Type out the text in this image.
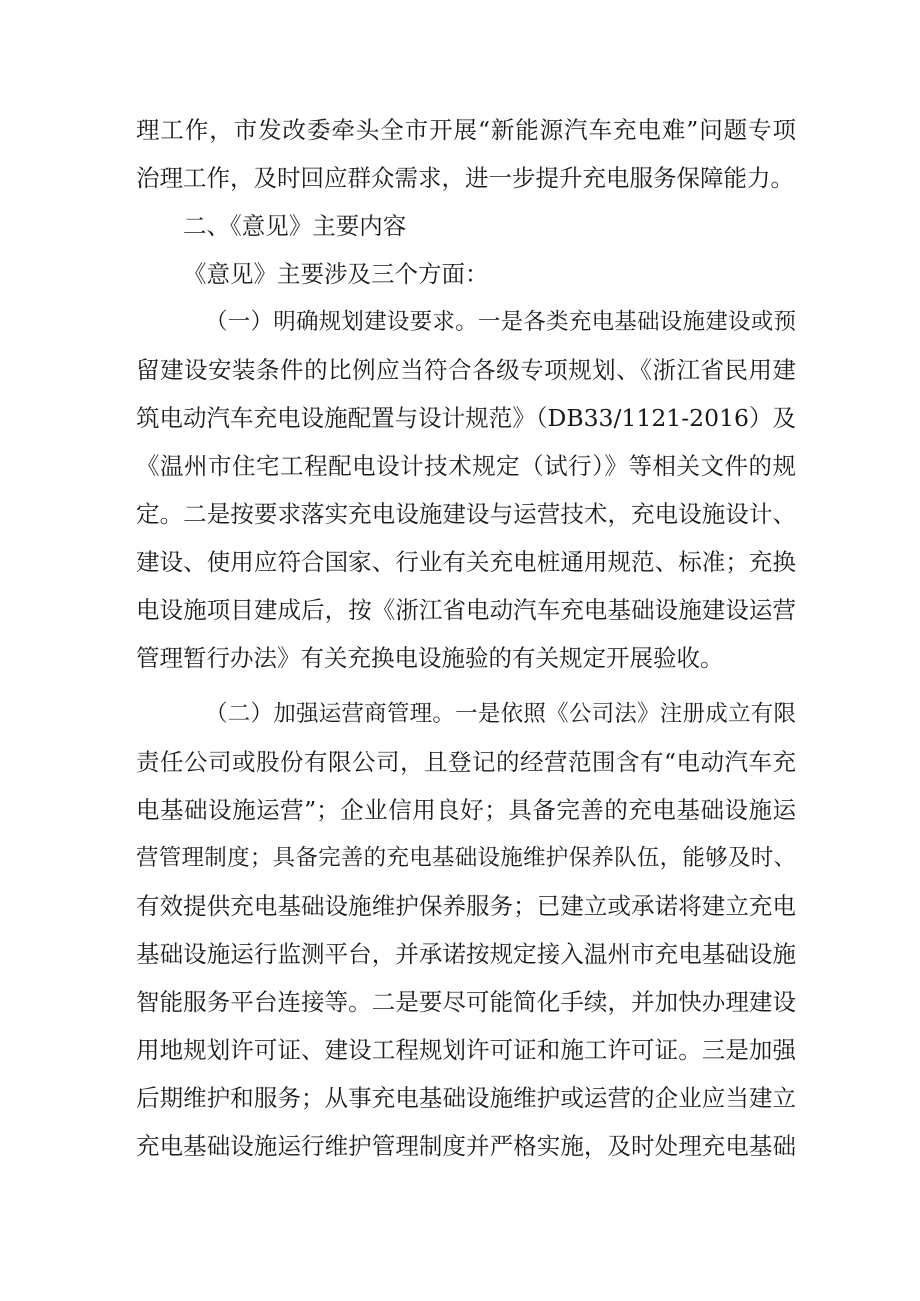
理工作，市发改委牵头全市开展“新能源汽车充电难”问题专项
治理工作，及时回应群众需求，进一步提升充电服务保障能力。
二、《意见》主要内容
《意见》主要涉及三个方面：
（一）明确规划建设要求。一是各类充电基础设施建设或预
留建设安装条件的比例应当符合各级专项规划、《浙江省民用建
筑电动汽车充电设施配置与设计规范》（DB33/1121-2016）及
《温州市住宅工程配电设计技术规定（试行）》等相关文件的规
定。二是按要求落实充电设施建设与运营技术，充电设施设计、
建设、使用应符合国家、行业有关充电桩通用规范、标准；充换
电设施项目建成后，按《浙江省电动汽车充电基础设施建设运营
管理暂行办法》有关充换电设施验的有关规定开展验收。
（二）加强运营商管理。一是依照《公司法》注册成立有限
责任公司或股份有限公司，且登记的经营范围含有“电动汽车充
电基础设施运营”；企业信用良好；具备完善的充电基础设施运
营管理制度；具备完善的充电基础设施维护保养队伍，能够及时、
有效提供充电基础设施维护保养服务；已建立或承诺将建立充电
基础设施运行监测平台，并承诺按规定接入温州市充电基础设施
智能服务平台连接等。二是要尽可能简化手续，并加快办理建设
用地规划许可证、建设工程规划许可证和施工许可证。三是加强
后期维护和服务；从事充电基础设施维护或运营的企业应当建立
充电基础设施运行维护管理制度并严格实施，及时处理充电基础
